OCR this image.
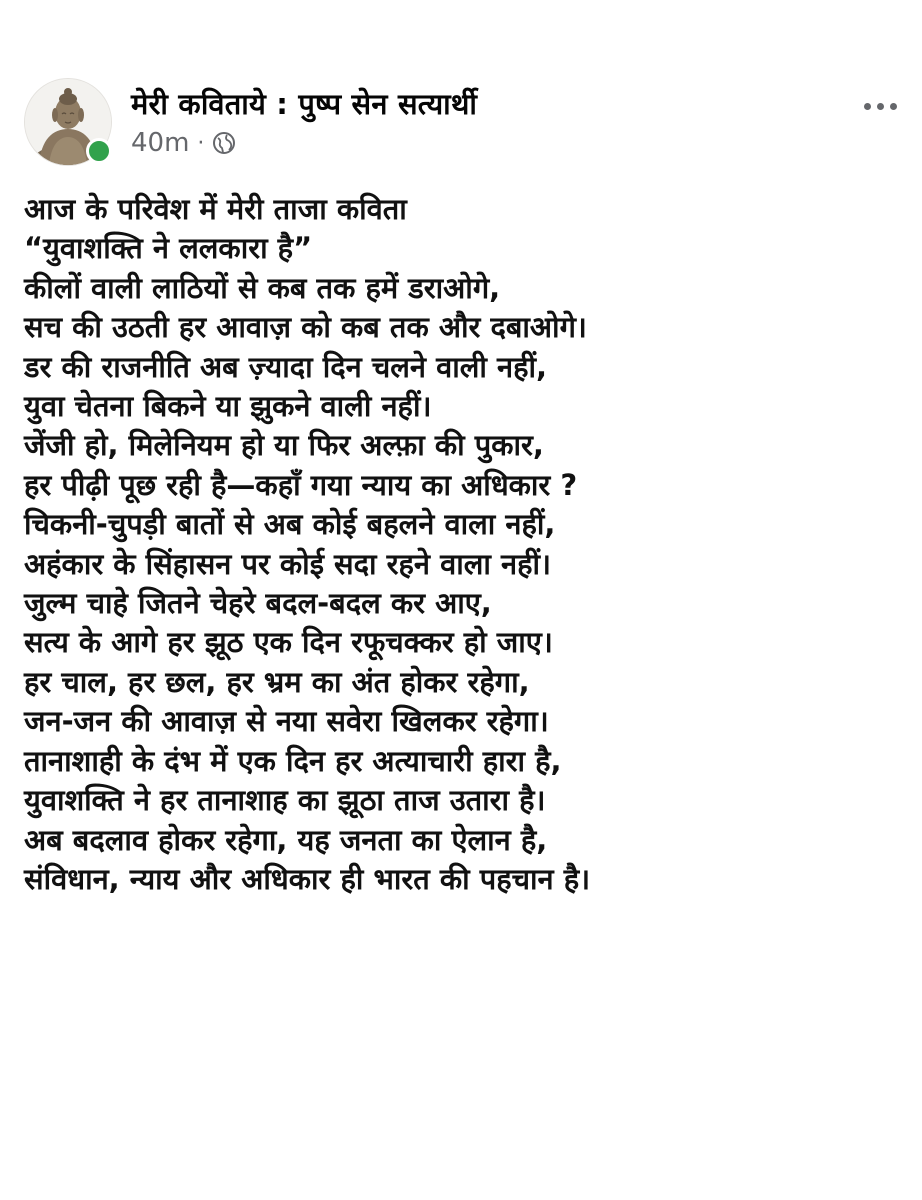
मेरी कविताये : पुष्प सेन सत्यार्थी
40m ·
आज के परिवेश में मेरी ताजा कविता
“युवाशक्ति ने ललकारा है”
कीलों वाली लाठियों से कब तक हमें डराओगे,
सच की उठती हर आवाज़ को कब तक और दबाओगे।
डर की राजनीति अब ज़्यादा दिन चलने वाली नहीं,
युवा चेतना बिकने या झुकने वाली नहीं।
जेंजी हो, मिलेनियम हो या फिर अल्फ़ा की पुकार,
हर पीढ़ी पूछ रही है—कहाँ गया न्याय का अधिकार ?
चिकनी-चुपड़ी बातों से अब कोई बहलने वाला नहीं,
अहंकार के सिंहासन पर कोई सदा रहने वाला नहीं।
जुल्म चाहे जितने चेहरे बदल-बदल कर आए,
सत्य के आगे हर झूठ एक दिन रफूचक्कर हो जाए।
हर चाल, हर छल, हर भ्रम का अंत होकर रहेगा,
जन-जन की आवाज़ से नया सवेरा खिलकर रहेगा।
तानाशाही के दंभ में एक दिन हर अत्याचारी हारा है,
युवाशक्ति ने हर तानाशाह का झूठा ताज उतारा है।
अब बदलाव होकर रहेगा, यह जनता का ऐलान है,
संविधान, न्याय और अधिकार ही भारत की पहचान है।
